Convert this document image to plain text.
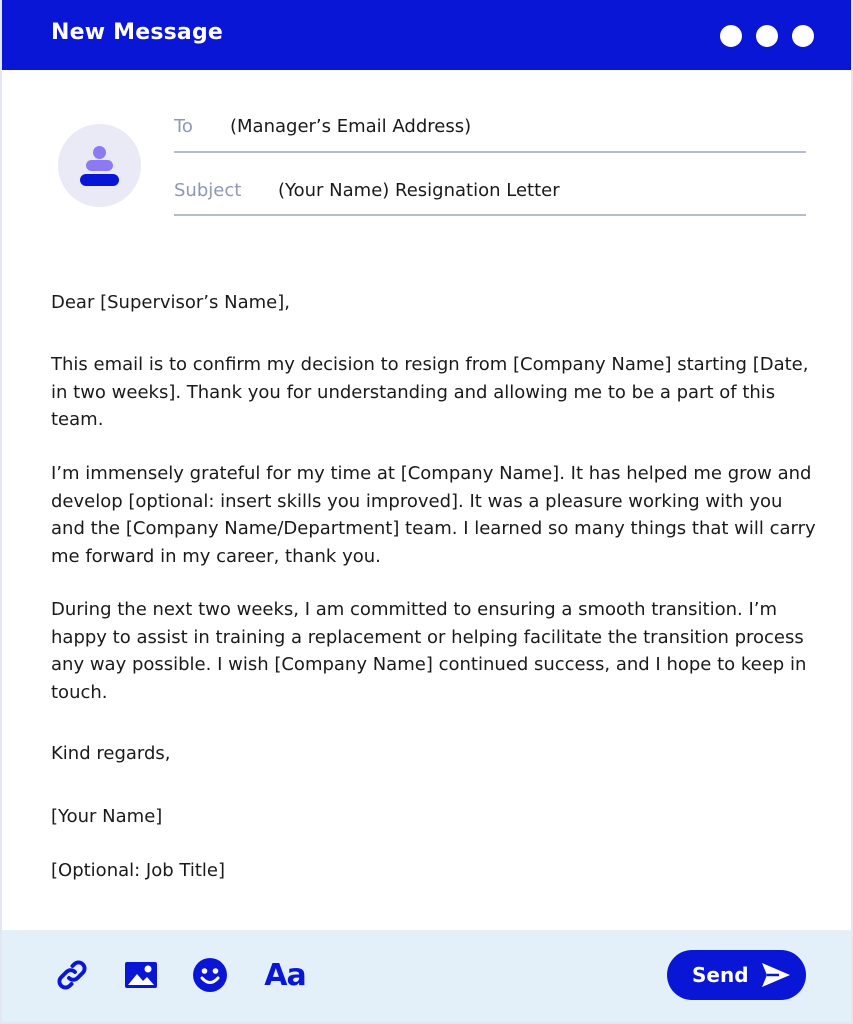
New Message
To (Manager’s Email Address)
Subject (Your Name) Resignation Letter
Dear [Supervisor’s Name],
This email is to confirm my decision to resign from [Company Name] starting [Date, in two weeks]. Thank you for understanding and allowing me to be a part of this team.
I’m immensely grateful for my time at [Company Name]. It has helped me grow and develop [optional: insert skills you improved]. It was a pleasure working with you and the [Company Name/Department] team. I learned so many things that will carry me forward in my career, thank you.
During the next two weeks, I am committed to ensuring a smooth transition. I’m happy to assist in training a replacement or helping facilitate the transition process any way possible. I wish [Company Name] continued success, and I hope to keep in touch.
Kind regards,
[Your Name]
[Optional: Job Title]
Aa	Send
